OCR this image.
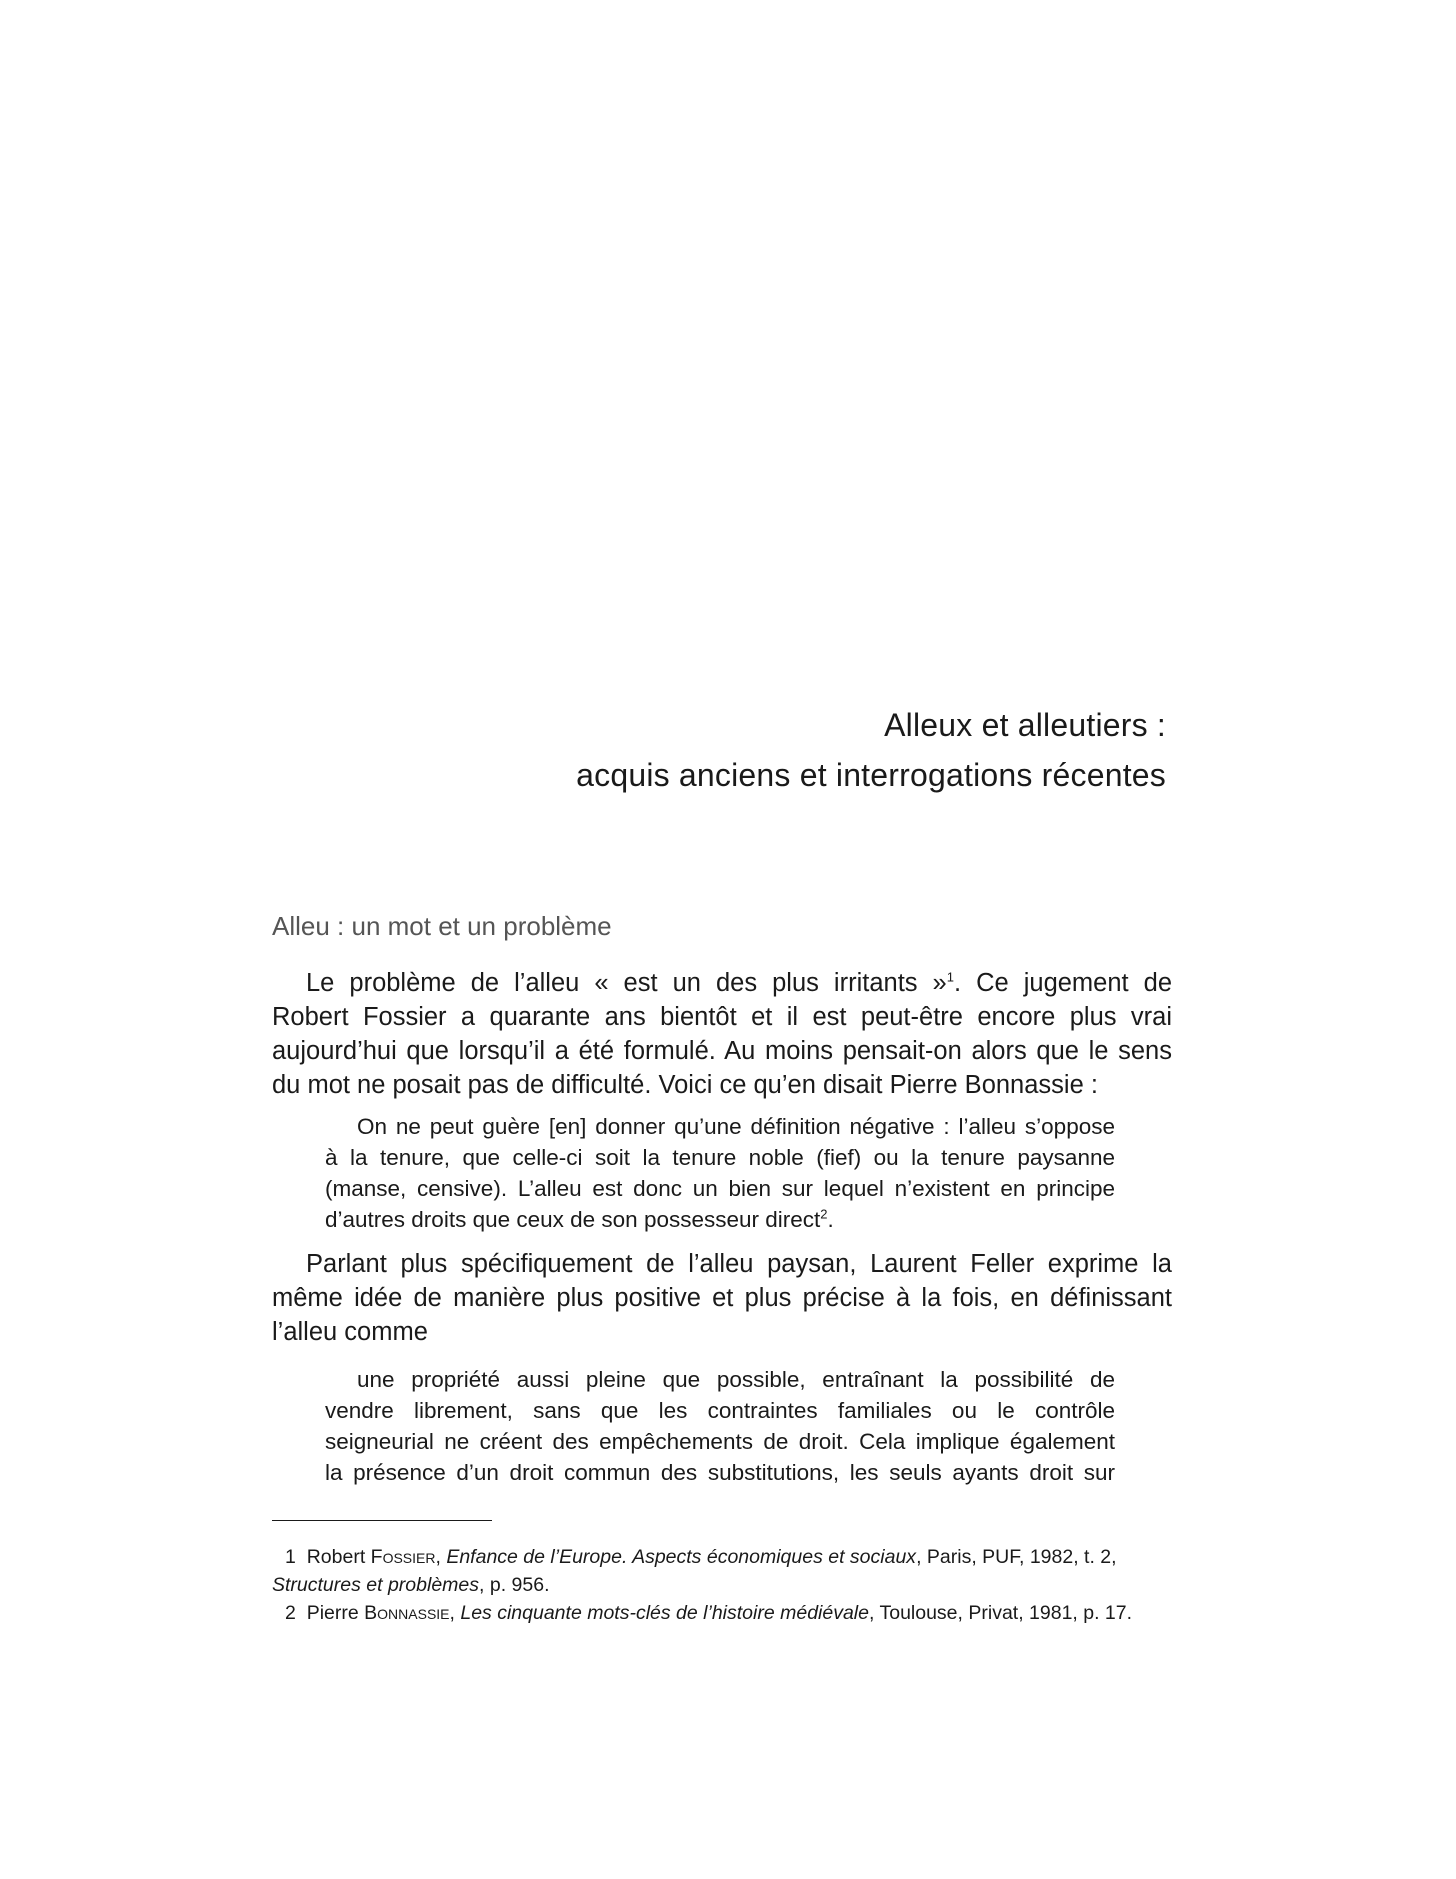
Alleux et alleutiers :
acquis anciens et interrogations récentes
Alleu : un mot et un problème
Le problème de l’alleu « est un des plus irritants »$^1$. Ce jugement de
Robert Fossier a quarante ans bientôt et il est peut-être encore plus vrai
aujourd’hui que lorsqu’il a été formulé. Au moins pensait-on alors que le sens
du mot ne posait pas de difficulté. Voici ce qu’en disait Pierre Bonnassie :
On ne peut guère [en] donner qu’une définition négative : l’alleu s’oppose
à la tenure, que celle-ci soit la tenure noble (fief) ou la tenure paysanne
(manse, censive). L’alleu est donc un bien sur lequel n’existent en principe
d’autres droits que ceux de son possesseur direct$^2$.
Parlant plus spécifiquement de l’alleu paysan, Laurent Feller exprime la
même idée de manière plus positive et plus précise à la fois, en définissant
l’alleu comme
une propriété aussi pleine que possible, entraînant la possibilité de
vendre librement, sans que les contraintes familiales ou le contrôle
seigneurial ne créent des empêchements de droit. Cela implique également
la présence d’un droit commun des substitutions, les seuls ayants droit sur
1 Robert Fossier, Enfance de l’Europe. Aspects économiques et sociaux, Paris, PUF, 1982, t. 2,
Structures et problèmes, p. 956.
2 Pierre Bonnassie, Les cinquante mots-clés de l’histoire médiévale, Toulouse, Privat, 1981, p. 17.
